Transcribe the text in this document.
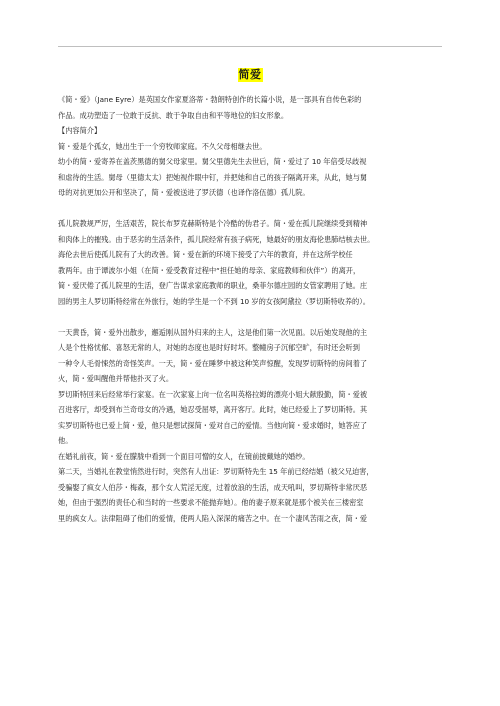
简爱

《简・爱》（Jane Eyre）是英国女作家夏洛蒂・勃朗特创作的长篇小说，是一部具有自传色彩的

作品。成功塑造了一位敢于反抗、敢于争取自由和平等地位的妇女形象。

【内容简介】

简・爱是个孤女，她出生于一个穷牧师家庭。不久父母相继去世。

幼小的简・爱寄养在盖茨黑德的舅父母家里。舅父里德先生去世后，简・爱过了 10 年倍受尽歧视

和虐待的生活。舅母（里德太太）把她视作眼中钉，并把她和自己的孩子隔离开来，从此，她与舅

母的对抗更加公开和坚决了，简・爱被送进了罗沃德（也译作洛伍德）孤儿院。

孤儿院教规严厉，生活艰苦，院长布罗克赫斯特是个冷酷的伪君子。简・爱在孤儿院继续受到精神

和肉体上的摧残。由于恶劣的生活条件，孤儿院经常有孩子病死，她最好的朋友海伦患肺结核去世。

海伦去世后使孤儿院有了大的改善。简・爱在新的环境下接受了六年的教育，并在这所学校任

教两年。由于谭波尔小姐（在简・爱受教育过程中“担任她的母亲、家庭教师和伙伴”）的离开，

简・爱厌倦了孤儿院里的生活，登广告谋求家庭教师的职业，桑菲尔德庄园的女管家聘用了她。庄

园的男主人罗切斯特经常在外旅行，她的学生是一个不到 10 岁的女孩阿黛拉（罗切斯特收养的）。

一天黄昏，简・爱外出散步，邂逅刚从国外归来的主人，这是他们第一次见面。以后她发现他的主

人是个性格忧郁、喜怒无常的人，对她的态度也是时好时坏。整幢房子沉郁空旷，有时还会听到

一种令人毛骨悚然的奇怪笑声。一天，简・爱在睡梦中被这种笑声惊醒，发现罗切斯特的房间着了

火，简・爱叫醒他并帮他扑灭了火。

罗切斯特回来后经常举行家宴。在一次家宴上向一位名叫英格拉姆的漂亮小姐大献殷勤，简・爱被

召进客厅，却受到布兰奇母女的冷遇，她忍受屈辱，离开客厅。此时，她已经爱上了罗切斯特。其

实罗切斯特也已爱上简・爱，他只是想试探简・爱对自己的爱情。当他向简・爱求婚时，她答应了

他。

在婚礼前夜，简・爱在朦胧中看到一个面目可憎的女人，在镜前披戴她的婚纱。

第二天，当婚礼在教堂悄然进行时，突然有人出证：罗切斯特先生 15 年前已经结婚（被父兄迫害，

受骗娶了疯女人伯莎・梅森，那个女人荒淫无度，过着放浪的生活，成天吼叫，罗切斯特非常厌恶

她，但由于强烈的责任心和当时的一些要求不能抛弃她）。他的妻子原来就是那个被关在三楼密室

里的疯女人。法律阻碍了他们的爱情，使两人陷入深深的痛苦之中。在一个凄风苦雨之夜，简・爱
